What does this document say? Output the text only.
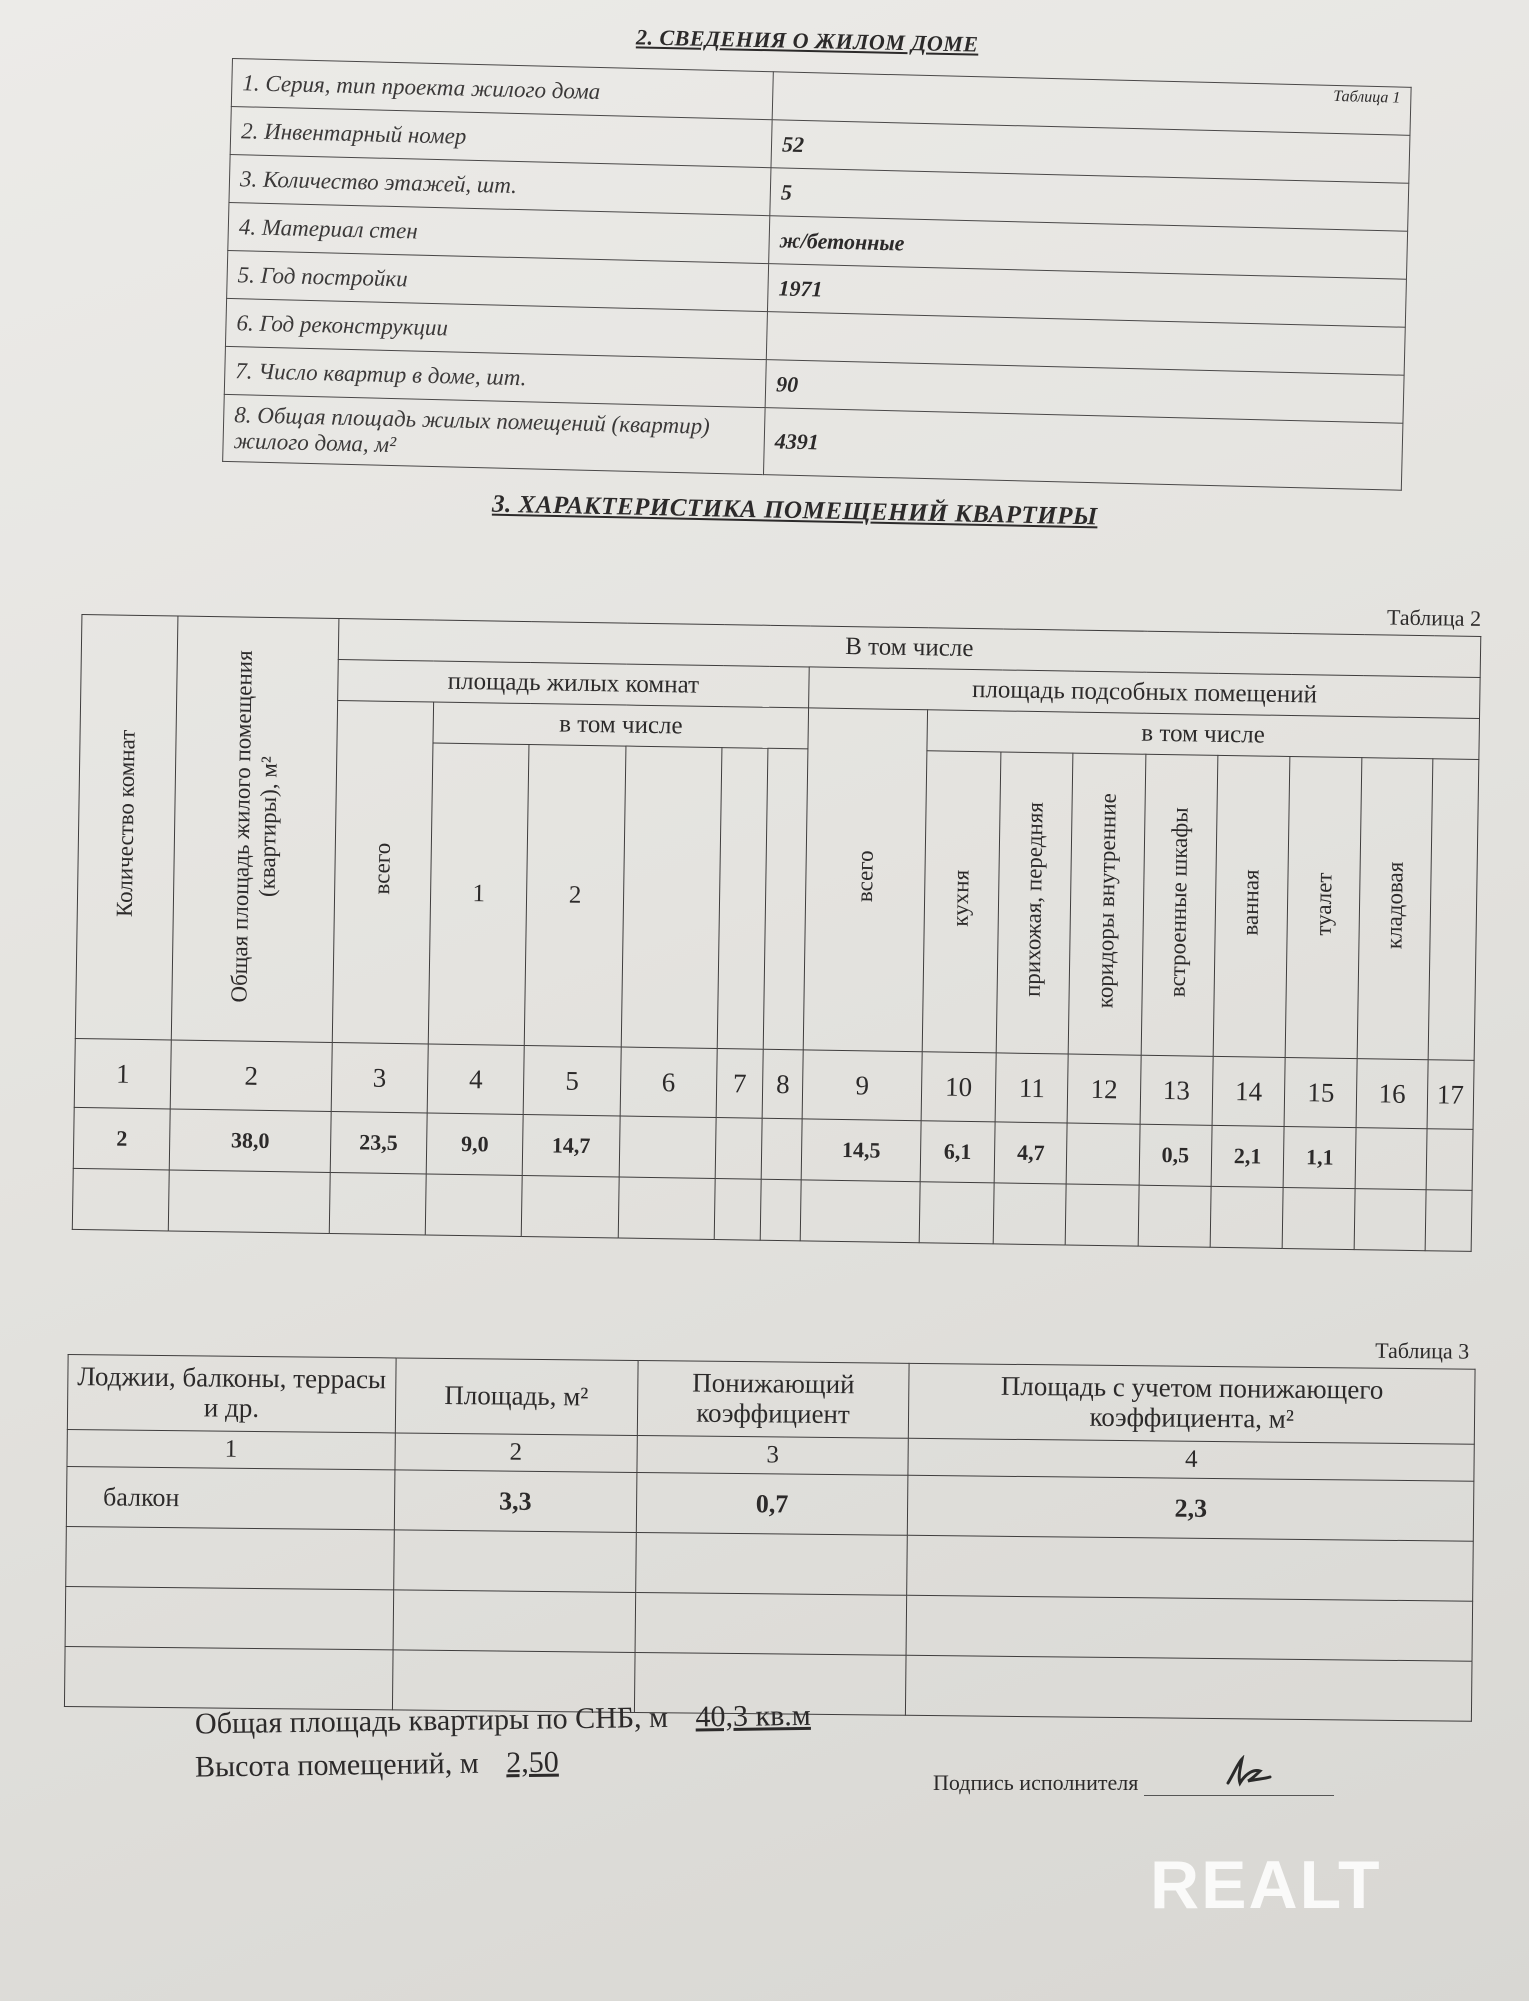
2. СВЕДЕНИЯ О ЖИЛОМ ДОМЕ
1. Серия, тип проекта жилого дома	Таблица 1
2. Инвентарный номер	52
3. Количество этажей, шт.	5
4. Материал стен	ж/бетонные
5. Год постройки	1971
6. Год реконструкции	
7. Число квартир в доме, шт.	90
8. Общая площадь жилых помещений (квартир) жилого дома, м²	4391
3. ХАРАКТЕРИСТИКА ПОМЕЩЕНИЙ КВАРТИРЫ
Таблица 2																
Количество комнат	Общая площадь жилого помещения (квартиры), м²	В том числе														
		площадь жилых комнат						площадь подсобных помещений								
		всего	в том числе					всего	в том числе							
			1	2					кухня	прихожая, передняя	коридоры внутренние	встроенные шкафы	ванная	туалет	кладовая	
1	2	3	4	5	6	7	8	9	10	11	12	13	14	15	16	17
2	38,0	23,5	9,0	14,7				14,5	6,1	4,7		0,5	2,1	1,1		

Таблица 3			
Лоджии, балконы, террасы и др.	Площадь, м²	Понижающий коэффициент	Площадь с учетом понижающего коэффициента, м²
1	2	3	4
балкон	3,3	0,7	2,3

Общая площадь квартиры по СНБ, м 40,3 кв.м
Высота помещений, м 2,50
Подпись исполнителя
REALT
